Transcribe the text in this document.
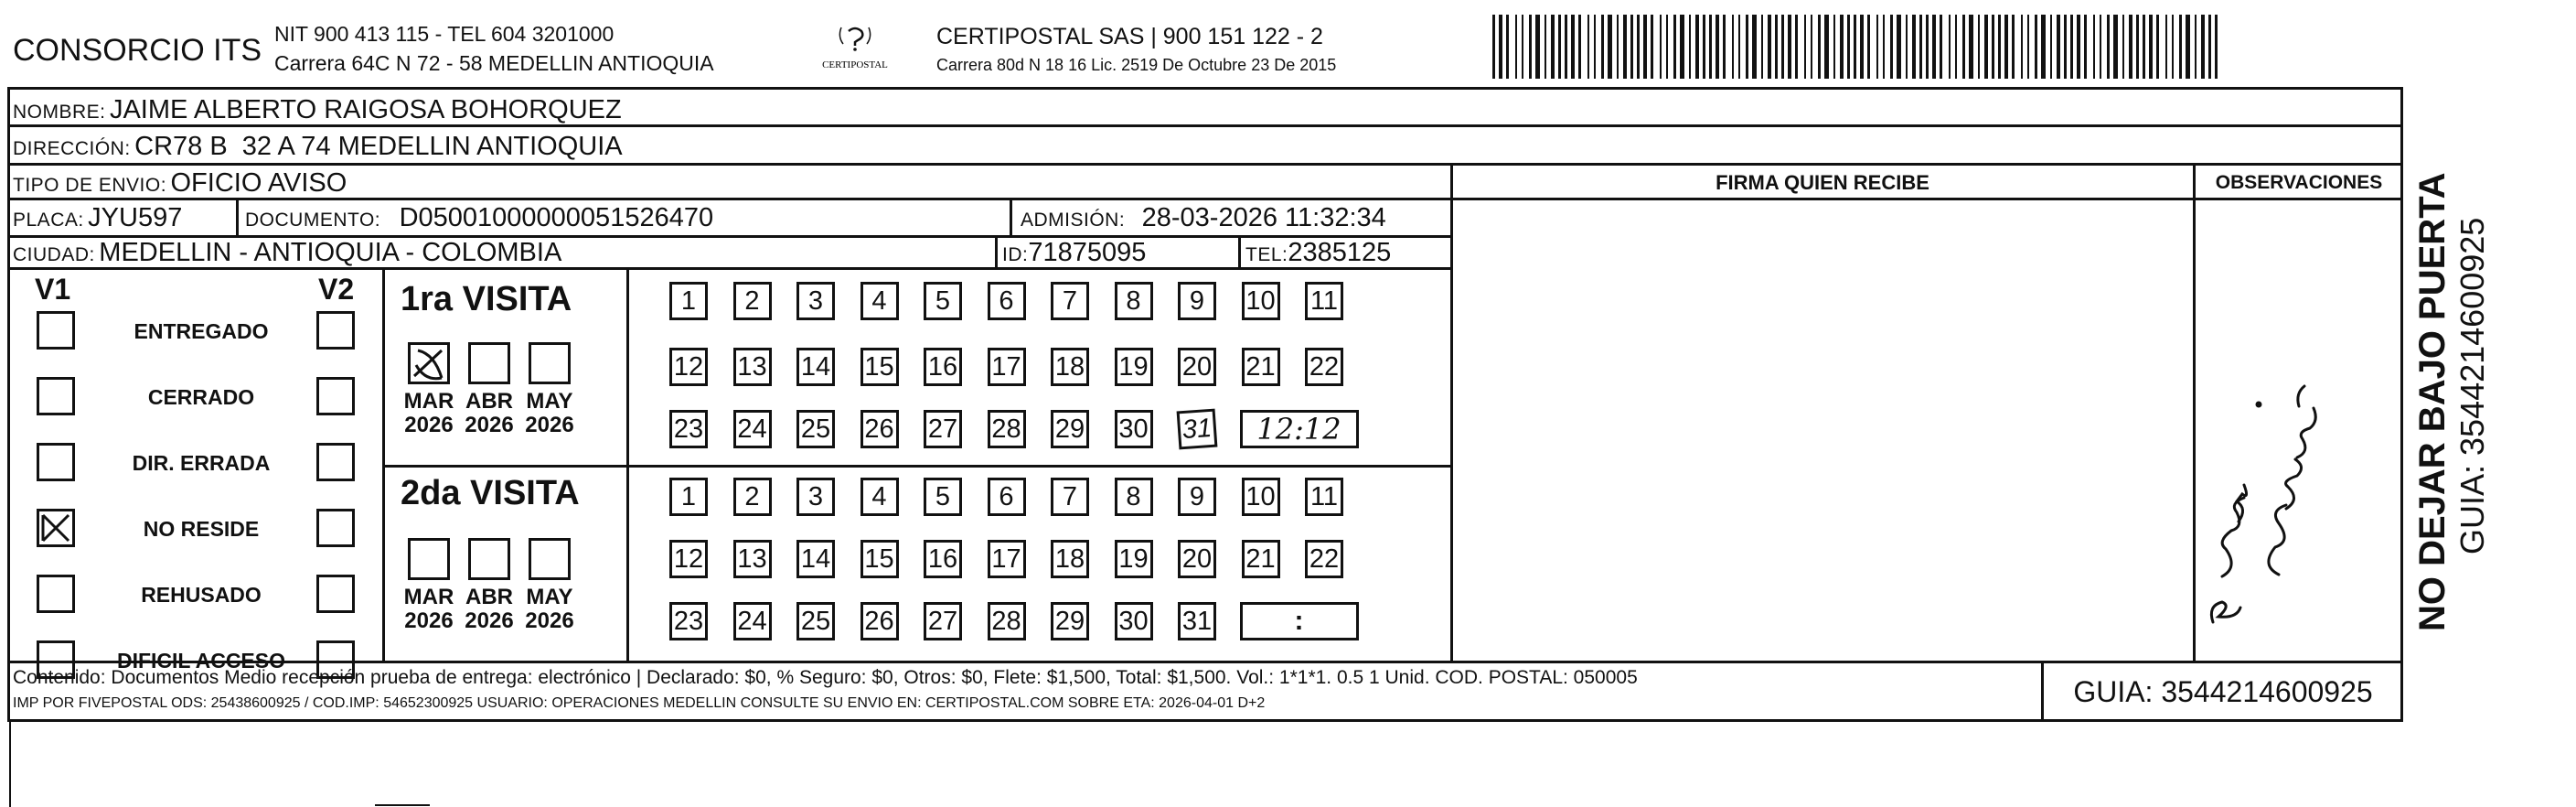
CONSORCIO ITS NIT 900 413 115 - TEL 604 3201000
Carrera 64C N 72 - 58 MEDELLIN ANTIOQUIA	CERTIPOSTAL
CERTIPOSTAL SAS | 900 151 122 - 2
Carrera 80d N 18 16 Lic. 2519 De Octubre 23 De 2015
NOMBRE: JAIME ALBERTO RAIGOSA BOHORQUEZ
DIRECCIÓN: CR78 B  32 A 74 MEDELLIN ANTIOQUIA
TIPO DE ENVIO: OFICIO AVISO	FIRMA QUIEN RECIBE	OBSERVACIONES
PLACA: JYU597	DOCUMENTO: D05001000000051526470	ADMISIÓN: 28-03-2026 11:32:34
CIUDAD: MEDELLIN - ANTIOQUIA - COLOMBIA	ID:71875095	TEL:2385125
V1	V2
ENTREGADO
CERRADO
DIR. ERRADA
NO RESIDE
REHUSADO
DIFICIL ACCESO
1ra VISITA
2da VISITA
MAR
2026
ABR
2026
MAY
2026
MAR
2026
ABR
2026
MAY
2026
1	2	3	4	5	6	7	8	9	10 11
12 13 14 15 16 17 18 19 20 21 22
23 24 25 26 27 28 29 30 31	12:12
1	2	3	4	5	6	7	8	9	10 11
12 13 14 15 16 17 18 19 20 21 22
23 24 25 26 27 28 29 30 31	:	NO DEJAR BAJO PUERTA GUIA: 3544214600925
Contenido: Documentos Medio recepción prueba de entrega: electrónico | Declarado: $0, % Seguro: $0, Otros: $0, Flete: $1,500, Total: $1,500. Vol.: 1*1*1. 0.5 1 Unid. COD. POSTAL: 050005
IMP POR FIVEPOSTAL ODS: 25438600925 / COD.IMP: 54652300925 USUARIO: OPERACIONES MEDELLIN CONSULTE SU ENVIO EN: CERTIPOSTAL.COM SOBRE ETA: 2026-04-01 D+2	GUIA: 3544214600925
